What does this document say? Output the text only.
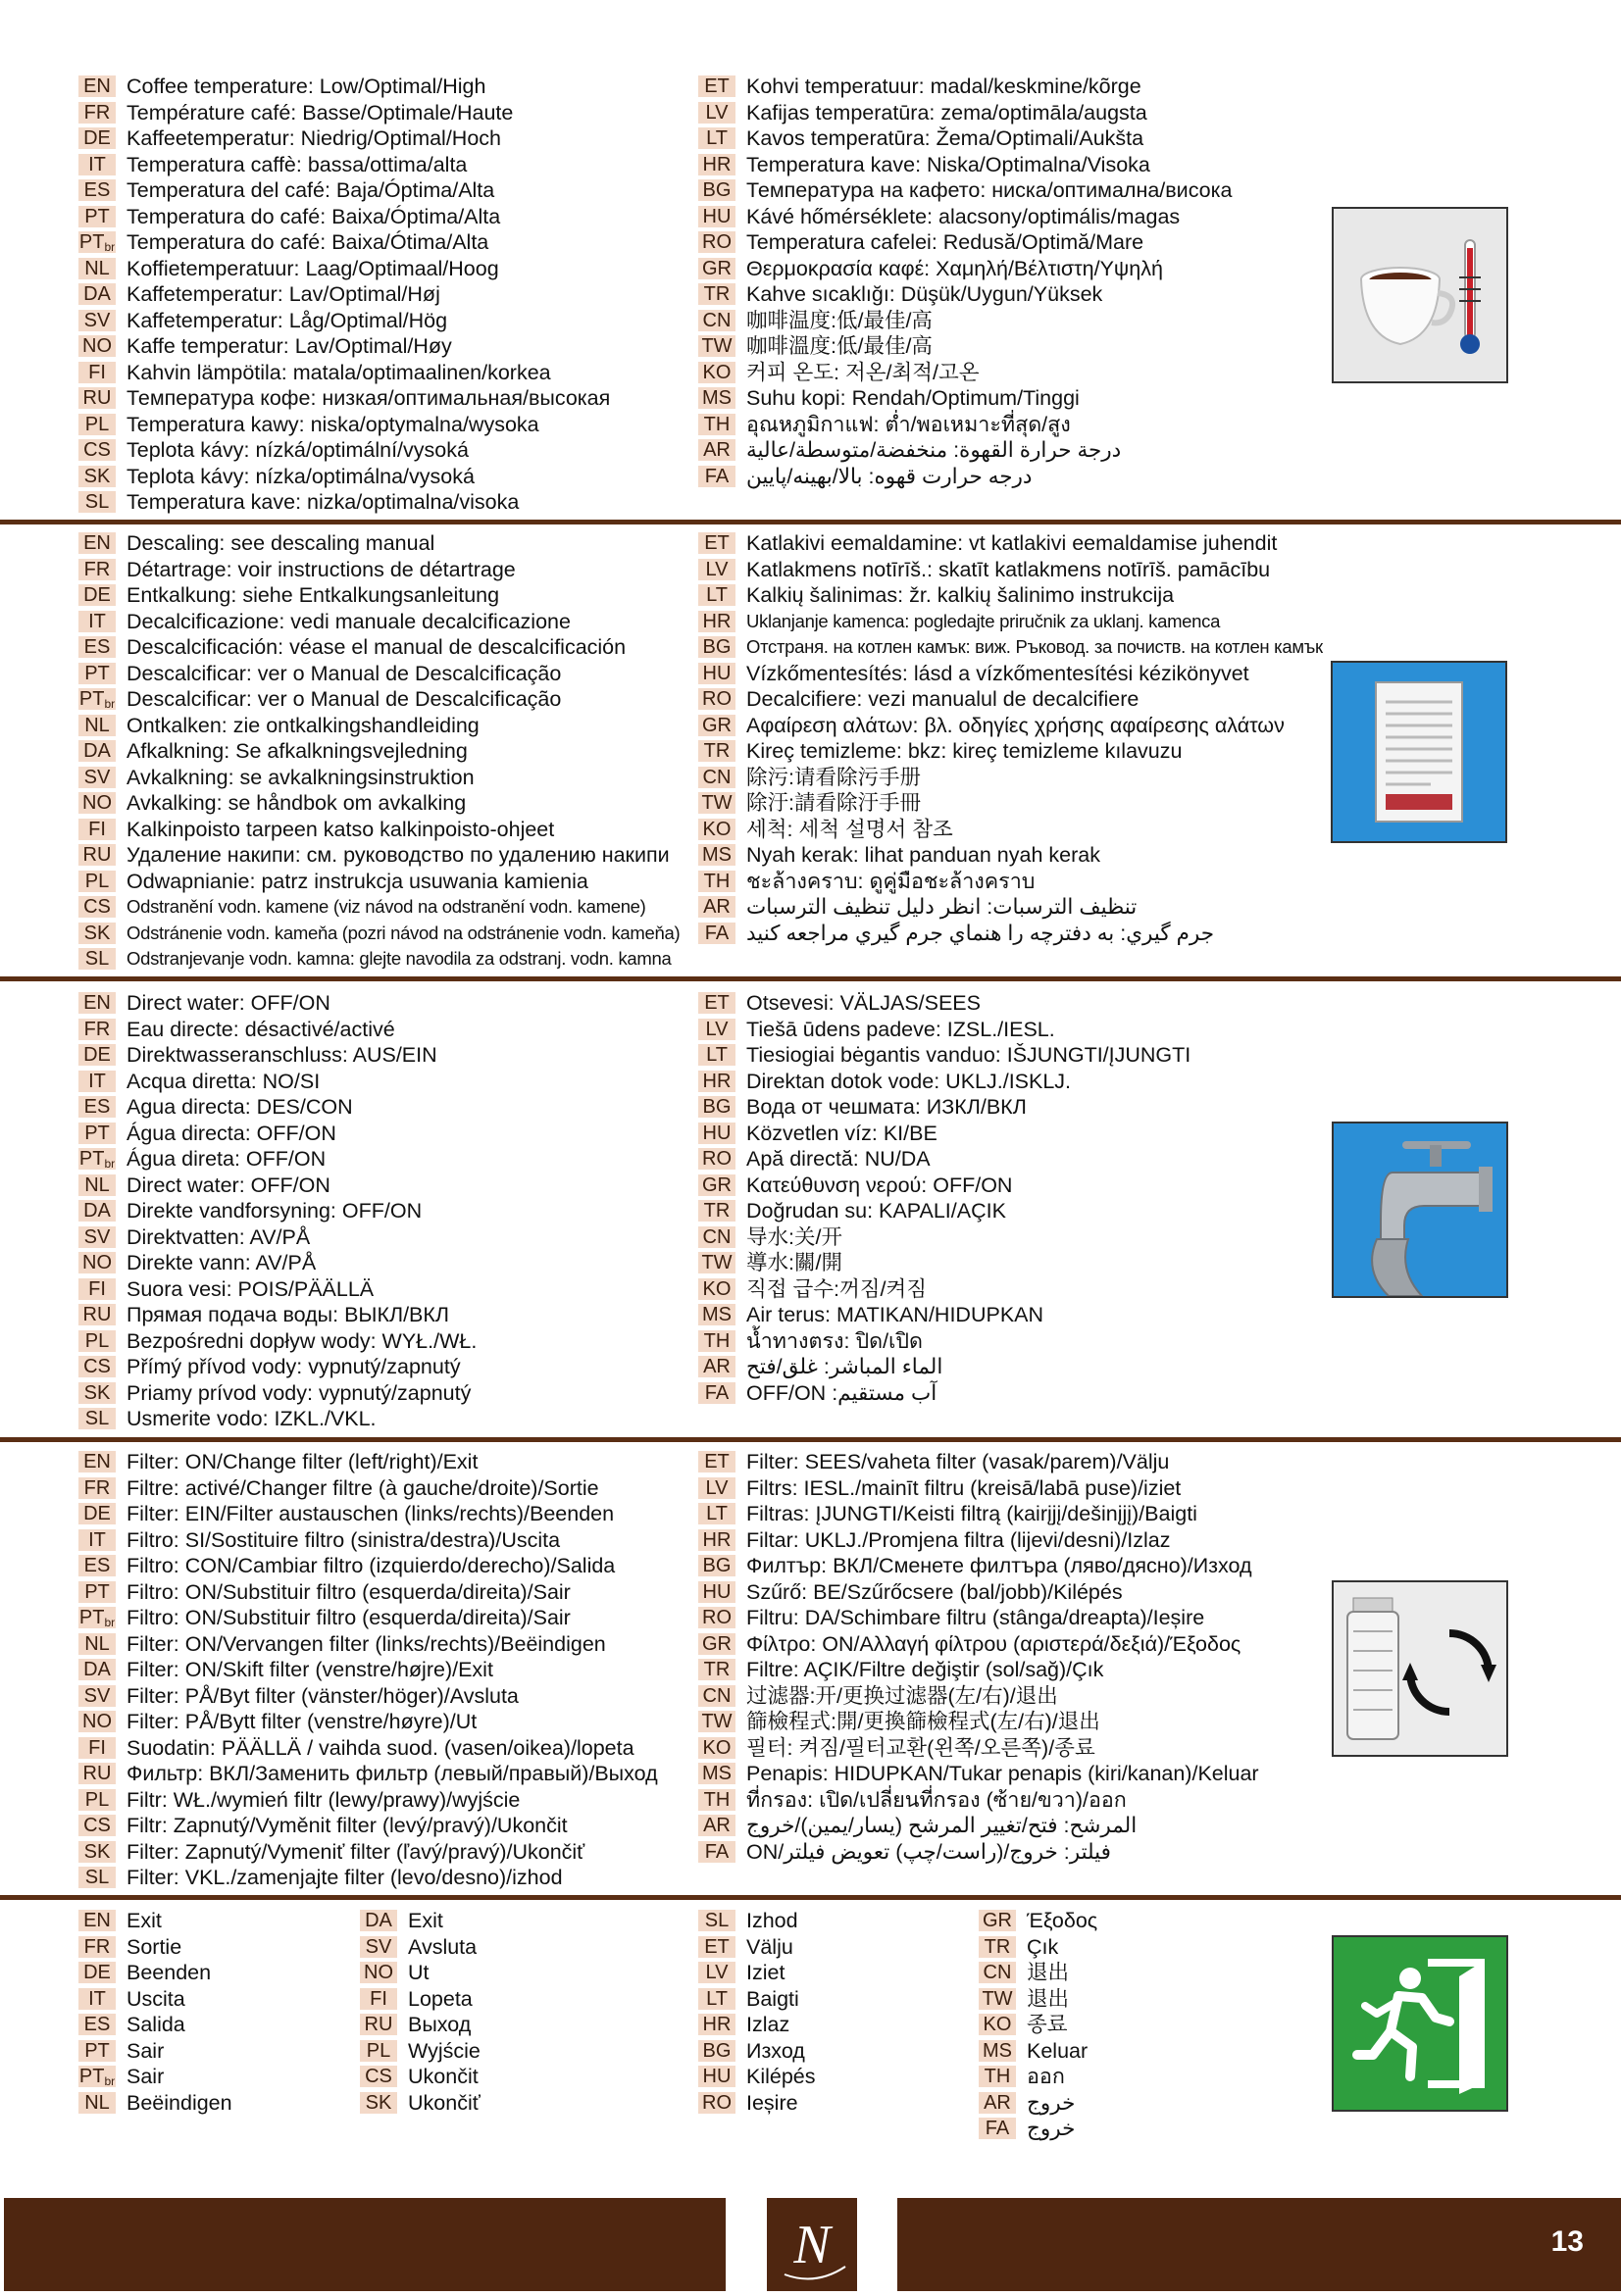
EN Coffee temperature: Low/Optimal/High
FR Température café: Basse/Optimale/Haute
DE Kaffeetemperatur: Niedrig/Optimal/Hoch
IT Temperatura caffè: bassa/ottima/alta
ES Temperatura del café: Baja/Óptima/Alta
PT Temperatura do café: Baixa/Óptima/Alta
$PT_{br}$ Temperatura do café: Baixa/Ótima/Alta
NL Koffietemperatuur: Laag/Optimaal/Hoog
DA Kaffetemperatur: Lav/Optimal/Høj
SV Kaffetemperatur: Låg/Optimal/Hög
NO Kaffe temperatur: Lav/Optimal/Høy
FI Kahvin lämpötila: matala/optimaalinen/korkea
RU Температура кофе: низкая/оптимальная/высокая
PL Temperatura kawy: niska/optymalna/wysoka
CS Teplota kávy: nízká/optimální/vysoká
SK Teplota kávy: nízka/optimálna/vysoká
SL Temperatura kave: nizka/optimalna/visoka
ET Kohvi temperatuur: madal/keskmine/kõrge
LV Kafijas temperatūra: zema/optimāla/augsta
LT Kavos temperatūra: Žema/Optimali/Aukšta
HR Temperatura kave: Niska/Optimalna/Visoka
BG Температура на кафето: ниска/оптимална/висока
HU Kávé hőmérséklete: alacsony/optimális/magas
RO Temperatura cafelei: Redusă/Optimă/Mare
GR Θερμοκρασία καφέ: Χαμηλή/Βέλτιστη/Υψηλή
TR Kahve sıcaklığı: Düşük/Uygun/Yüksek
CN 咖啡温度:低/最佳/高
TW 咖啡溫度:低/最佳/高
KO 커피 온도: 저온/최적/고온
MS Suhu kopi: Rendah/Optimum/Tinggi
TH อุณหภูมิกาแฟ: ต่ำ/พอเหมาะที่สุด/สูง
AR درجة حرارة القهوة: منخفضة/متوسطة/عالية
FA درجه حرارت قهوه: بالا/بهینه/پایین
EN Descaling: see descaling manual
FR Détartrage: voir instructions de détartrage
DE Entkalkung: siehe Entkalkungsanleitung
IT Decalcificazione: vedi manuale decalcificazione
ES Descalcificación: véase el manual de descalcificación
PT Descalcificar: ver o Manual de Descalcificação
$PT_{br}$ Descalcificar: ver o Manual de Descalcificação
NL Ontkalken: zie ontkalkingshandleiding
DA Afkalkning: Se afkalkningsvejledning
SV Avkalkning: se avkalkningsinstruktion
NO Avkalking: se håndbok om avkalking
FI Kalkinpoisto tarpeen katso kalkinpoisto-ohjeet
RU Удаление накипи: см. руководство по удалению накипи
PL Odwapnianie: patrz instrukcja usuwania kamienia
CS Odstranění vodn. kamene (viz návod na odstranění vodn. kamene)
SK Odstránenie vodn. kameňa (pozri návod na odstránenie vodn. kameňa)
SL Odstranjevanje vodn. kamna: glejte navodila za odstranj. vodn. kamna
ET Katlakivi eemaldamine: vt katlakivi eemaldamise juhendit
LV Katlakmens notīrīš.: skatīt katlakmens notīrīš. pamācību
LT Kalkių šalinimas: žr. kalkių šalinimo instrukcija
HR Uklanjanje kamenca: pogledajte priručnik za uklanj. kamenca
BG Отстраня. на котлен камък: виж. Ръковод. за почиств. на котлен камък
HU Vízkőmentesítés: lásd a vízkőmentesítési kézikönyvet
RO Decalcifiere: vezi manualul de decalcifiere
GR Αφαίρεση αλάτων: βλ. οδηγίες χρήσης αφαίρεσης αλάτων
TR Kireç temizleme: bkz: kireç temizleme kılavuzu
CN 除污:请看除污手册
TW 除汙:請看除汙手冊
KO 세척: 세척 설명서 참조
MS Nyah kerak: lihat panduan nyah kerak
TH ชะล้างคราบ: ดูคู่มือชะล้างคราบ
AR تنظيف الترسبات: انظر دليل تنظيف الترسبات
FA جرم گيري: به دفترچه را هنماي جرم گيري مراجعه كنيد
EN Direct water: OFF/ON
FR Eau directe: désactivé/activé
DE Direktwasseranschluss: AUS/EIN
IT Acqua diretta: NO/SI
ES Agua directa: DES/CON
PT Água directa: OFF/ON
$PT_{br}$ Água direta: OFF/ON
NL Direct water: OFF/ON
DA Direkte vandforsyning: OFF/ON
SV Direktvatten: AV/PÅ
NO Direkte vann: AV/PÅ
FI Suora vesi: POIS/PÄÄLLÄ
RU Прямая подача воды: ВЫКЛ/ВКЛ
PL Bezpośredni dopływ wody: WYŁ./WŁ.
CS Přímý přívod vody: vypnutý/zapnutý
SK Priamy prívod vody: vypnutý/zapnutý
SL Usmerite vodo: IZKL./VKL.
ET Otsevesi: VÄLJAS/SEES
LV Tiešā ūdens padeve: IZSL./IESL.
LT Tiesiogiai bėgantis vanduo: IŠJUNGTI/ĮJUNGTI
HR Direktan dotok vode: UKLJ./ISKLJ.
BG Вода от чешмата: ИЗКЛ/ВКЛ
HU Közvetlen víz: KI/BE
RO Apă directă: NU/DA
GR Κατεύθυνση νερού: OFF/ON
TR Doğrudan su: KAPALI/AÇIK
CN 导水:关/开
TW 導水:關/開
KO 직접 급수:꺼짐/켜짐
MS Air terus: MATIKAN/HIDUPKAN
TH น้ำทางตรง: ปิด/เปิด
AR الماء المباشر: غلق/فتح
FA آب مستقيم: OFF/ON
EN Filter: ON/Change filter (left/right)/Exit
FR Filtre: activé/Changer filtre (à gauche/droite)/Sortie
DE Filter: EIN/Filter austauschen (links/rechts)/Beenden
IT Filtro: SI/Sostituire filtro (sinistra/destra)/Uscita
ES Filtro: CON/Cambiar filtro (izquierdo/derecho)/Salida
PT Filtro: ON/Substituir filtro (esquerda/direita)/Sair
$PT_{br}$ Filtro: ON/Substituir filtro (esquerda/direita)/Sair
NL Filter: ON/Vervangen filter (links/rechts)/Beëindigen
DA Filter: ON/Skift filter (venstre/højre)/Exit
SV Filter: PÅ/Byt filter (vänster/höger)/Avsluta
NO Filter: PÅ/Bytt filter (venstre/høyre)/Ut
FI Suodatin: PÄÄLLÄ / vaihda suod. (vasen/oikea)/lopeta
RU Фильтр: ВКЛ/Заменить фильтр (левый/правый)/Выход
PL Filtr: WŁ./wymień filtr (lewy/prawy)/wyjście
CS Filtr: Zapnutý/Vyměnit filter (levý/pravý)/Ukončit
SK Filter: Zapnutý/Vymeniť filter (ľavý/pravý)/Ukončiť
SL Filter: VKL./zamenjajte filter (levo/desno)/izhod
ET Filter: SEES/vaheta filter (vasak/parem)/Välju
LV Filtrs: IESL./mainīt filtru (kreisā/labā puse)/iziet
LT Filtras: ĮJUNGTI/Keisti filtrą (kairįjį/dešinįjį)/Baigti
HR Filtar: UKLJ./Promjena filtra (lijevi/desni)/Izlaz
BG Филтър: ВКЛ/Сменете филтъра (ляво/дясно)/Изход
HU Szűrő: BE/Szűrőcsere (bal/jobb)/Kilépés
RO Filtru: DA/Schimbare filtru (stânga/dreapta)/Ieșire
GR Φίλτρο: ON/Αλλαγή φίλτρου (αριστερά/δεξιά)/Έξοδος
TR Filtre: AÇIK/Filtre değiştir (sol/sağ)/Çık
CN 过滤器:开/更换过滤器(左/右)/退出
TW 篩檢程式:開/更換篩檢程式(左/右)/退出
KO 필터: 켜짐/필터교환(왼쪽/오른쪽)/종료
MS Penapis: HIDUPKAN/Tukar penapis (kiri/kanan)/Keluar
TH ที่กรอง: เปิด/เปลี่ยนที่กรอง (ซ้าย/ขวา)/ออก
AR المرشح: فتح/تغيير المرشح (يسار/يمين)/خروج
FA فيلتر: خروج/(راست/چپ) تعويض فيلتر/ON
EN Exit
FR Sortie
DE Beenden
IT Uscita
ES Salida
PT Sair
$PT_{br}$ Sair
NL Beëindigen
DA Exit
SV Avsluta
NO Ut
FI Lopeta
RU Выход
PL Wyjście
CS Ukončit
SK Ukončiť
SL Izhod
ET Välju
LV Iziet
LT Baigti
HR Izlaz
BG Изход
HU Kilépés
RO Ieșire
GR Έξοδος
TR Çık
CN 退出
TW 退出
KO 종료
MS Keluar
TH ออก
AR خروج
FA خروج
N	13
